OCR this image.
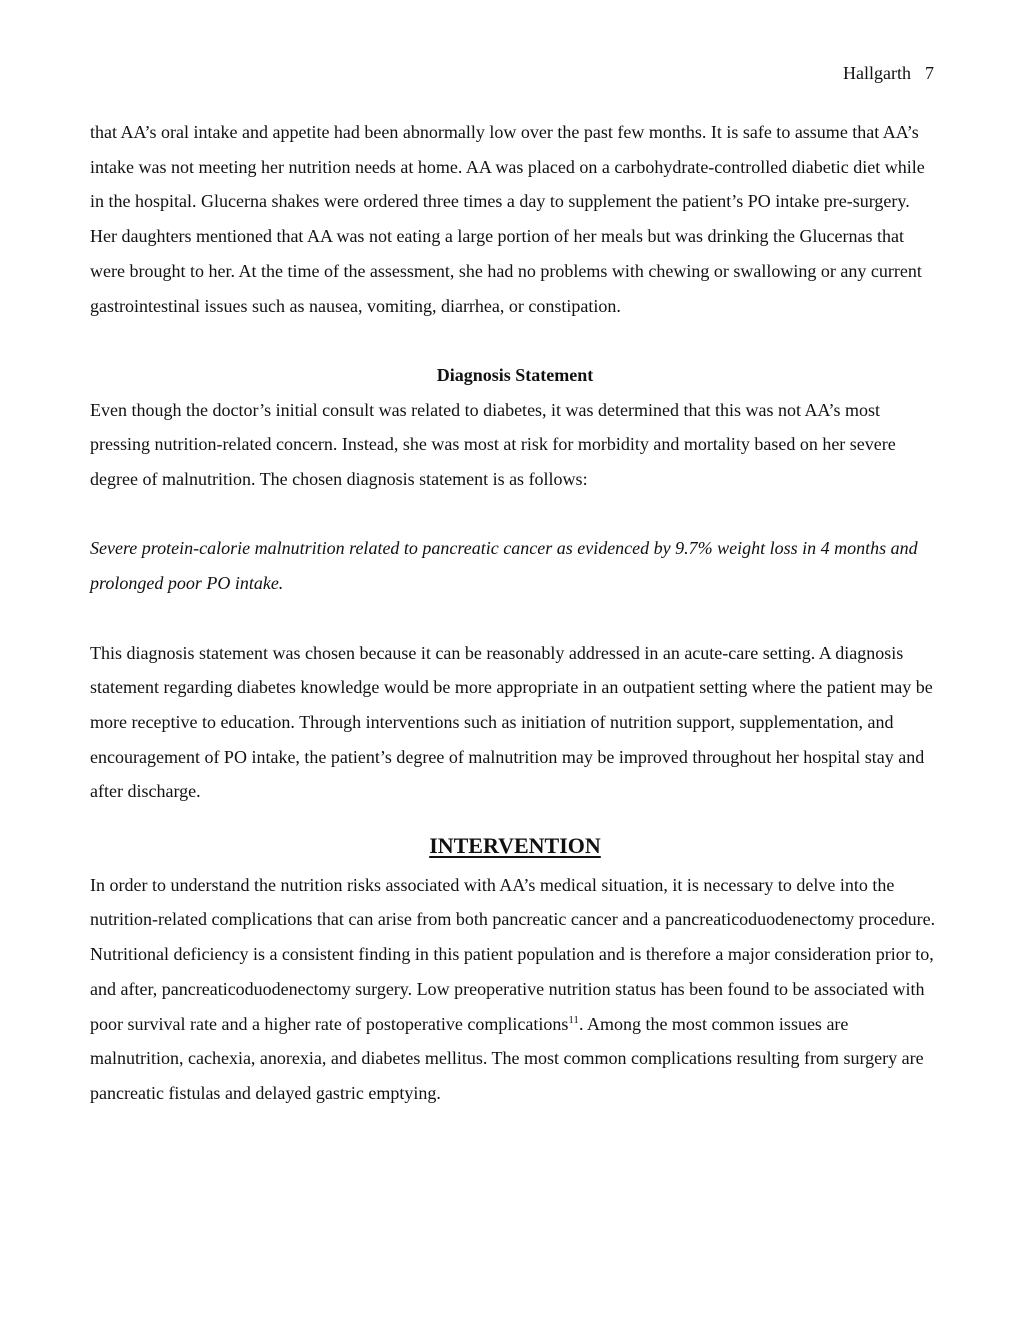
Hallgarth 7

that AA’s oral intake and appetite had been abnormally low over the past few months. It is safe to assume that AA’s intake was not meeting her nutrition needs at home. AA was placed on a carbohydrate-controlled diabetic diet while in the hospital. Glucerna shakes were ordered three times a day to supplement the patient’s PO intake pre-surgery. Her daughters mentioned that AA was not eating a large portion of her meals but was drinking the Glucernas that were brought to her. At the time of the assessment, she had no problems with chewing or swallowing or any current gastrointestinal issues such as nausea, vomiting, diarrhea, or constipation.

Diagnosis Statement

Even though the doctor’s initial consult was related to diabetes, it was determined that this was not AA’s most pressing nutrition-related concern. Instead, she was most at risk for morbidity and mortality based on her severe degree of malnutrition. The chosen diagnosis statement is as follows:

Severe protein-calorie malnutrition related to pancreatic cancer as evidenced by 9.7% weight loss in 4 months and prolonged poor PO intake.

This diagnosis statement was chosen because it can be reasonably addressed in an acute-care setting. A diagnosis statement regarding diabetes knowledge would be more appropriate in an outpatient setting where the patient may be more receptive to education. Through interventions such as initiation of nutrition support, supplementation, and encouragement of PO intake, the patient’s degree of malnutrition may be improved throughout her hospital stay and after discharge.

INTERVENTION

In order to understand the nutrition risks associated with AA’s medical situation, it is necessary to delve into the nutrition-related complications that can arise from both pancreatic cancer and a pancreaticoduodenectomy procedure. Nutritional deficiency is a consistent finding in this patient population and is therefore a major consideration prior to, and after, pancreaticoduodenectomy surgery. Low preoperative nutrition status has been found to be associated with poor survival rate and a higher rate of postoperative complications$^{11}$. Among the most common issues are malnutrition, cachexia, anorexia, and diabetes mellitus. The most common complications resulting from surgery are pancreatic fistulas and delayed gastric emptying.
